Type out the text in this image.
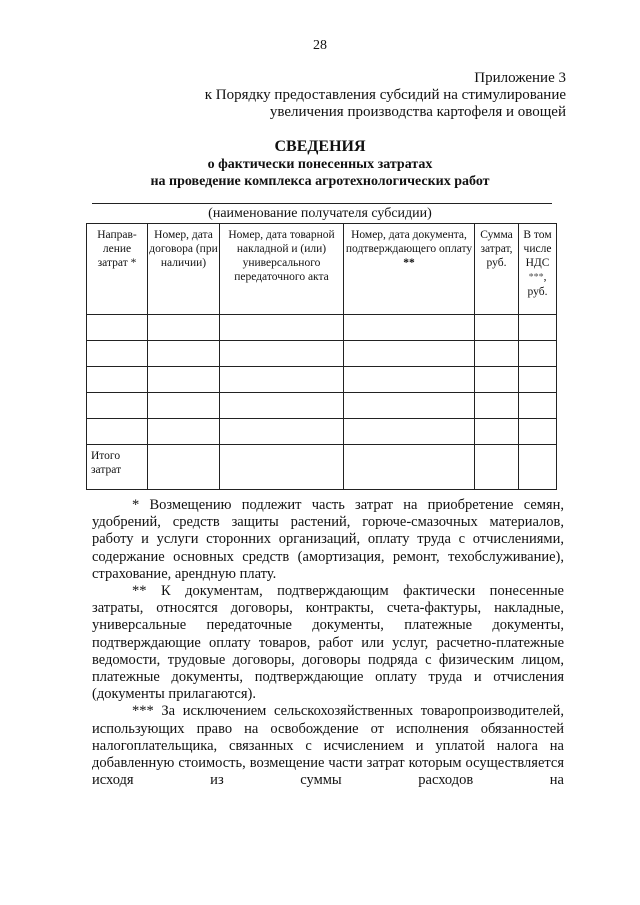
28
Приложение 3
к Порядку предоставления субсидий на стимулирование
увеличения производства картофеля и овощей
СВЕДЕНИЯ
о фактически понесенных затратах
на проведение комплекса агротехнологических работ
(наименование получателя субсидии)
Направ-ление затрат *	Номер, дата договора (при наличии)	Номер, дата товарной накладной и (или) универсального передаточного акта	Номер, дата документа, подтверждающего оплату **	Сумма затрат, руб.	В том числе НДС ***, руб.

Итого затрат					

* Возмещению подлежит часть затрат на приобретение семян, удобрений, средств защиты растений, горюче-смазочных материалов, работу и услуги сторонних организаций, оплату труда с отчислениями, содержание основных средств (амортизация, ремонт, техобслуживание), страхование, арендную плату.

** К документам, подтверждающим фактически понесенные затраты, относятся договоры, контракты, счета-фактуры, накладные, универсальные передаточные документы, платежные документы, подтверждающие оплату товаров, работ или услуг, расчетно-платежные ведомости, трудовые договоры, договоры подряда с физическим лицом, платежные документы, подтверждающие оплату труда и отчисления (документы прилагаются).

*** За исключением сельскохозяйственных товаропроизводителей, использующих право на освобождение от исполнения обязанностей налогоплательщика, связанных с исчислением и уплатой налога на добавленную стоимость, возмещение части затрат которым осуществляется исходя из суммы расходов на
